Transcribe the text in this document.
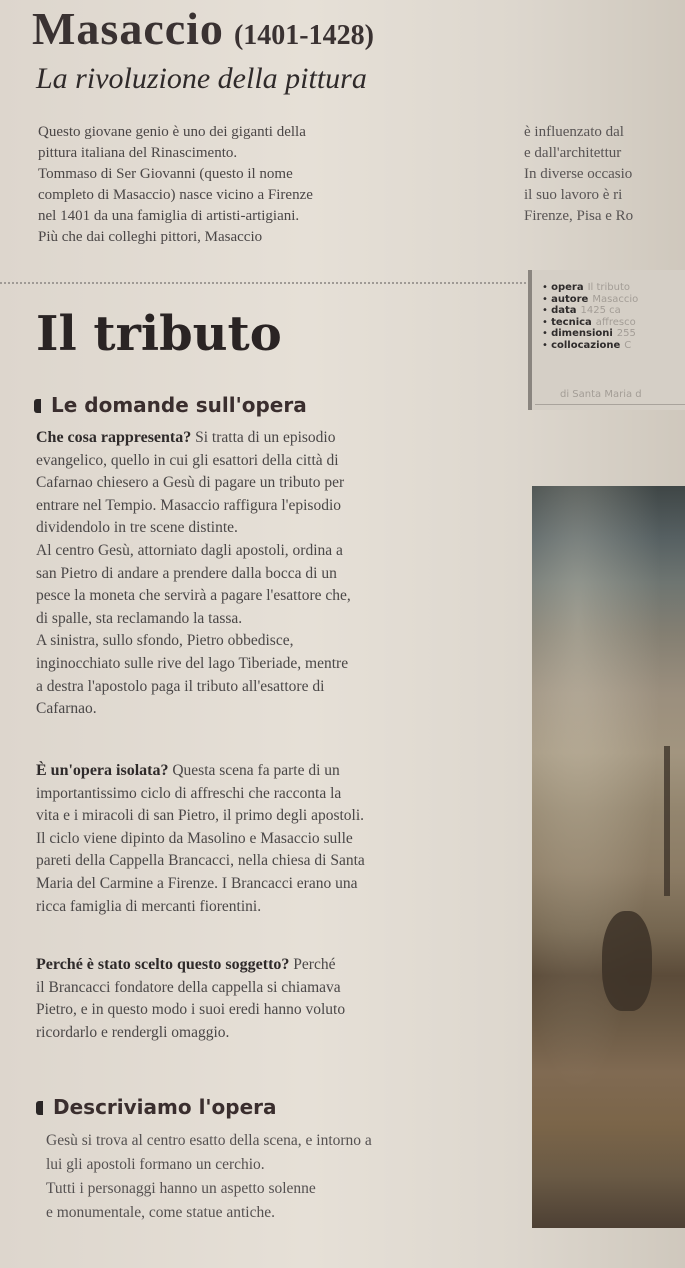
Masaccio (1401-1428)
La rivoluzione della pittura
Questo giovane genio è uno dei giganti della
pittura italiana del Rinascimento.
Tommaso di Ser Giovanni (questo il nome
completo di Masaccio) nasce vicino a Firenze
nel 1401 da una famiglia di artisti-artigiani.
Più che dai colleghi pittori, Masaccio
è influenzato dal
e dall'architettur
In diverse occasio
il suo lavoro è ri
Firenze, Pisa e Ro
Il tributo
• opera Il tributo
• autore Masaccio
• data 1425 ca
• tecnica affresco
• dimensioni 255
• collocazione C
di Santa Maria d
Le domande sull'opera
Che cosa rappresenta? Si tratta di un episodio
evangelico, quello in cui gli esattori della città di
Cafarnao chiesero a Gesù di pagare un tributo per
entrare nel Tempio. Masaccio raffigura l'episodio
dividendolo in tre scene distinte.
Al centro Gesù, attorniato dagli apostoli, ordina a
san Pietro di andare a prendere dalla bocca di un
pesce la moneta che servirà a pagare l'esattore che,
di spalle, sta reclamando la tassa.
A sinistra, sullo sfondo, Pietro obbedisce,
inginocchiato sulle rive del lago Tiberiade, mentre
a destra l'apostolo paga il tributo all'esattore di
Cafarnao.
È un'opera isolata? Questa scena fa parte di un
importantissimo ciclo di affreschi che racconta la
vita e i miracoli di san Pietro, il primo degli apostoli.
Il ciclo viene dipinto da Masolino e Masaccio sulle
pareti della Cappella Brancacci, nella chiesa di Santa
Maria del Carmine a Firenze. I Brancacci erano una
ricca famiglia di mercanti fiorentini.
Perché è stato scelto questo soggetto? Perché
il Brancacci fondatore della cappella si chiamava
Pietro, e in questo modo i suoi eredi hanno voluto
ricordarlo e rendergli omaggio.
Descriviamo l'opera
Gesù si trova al centro esatto della scena, e intorno a
lui gli apostoli formano un cerchio.
Tutti i personaggi hanno un aspetto solenne
e monumentale, come statue antiche.
